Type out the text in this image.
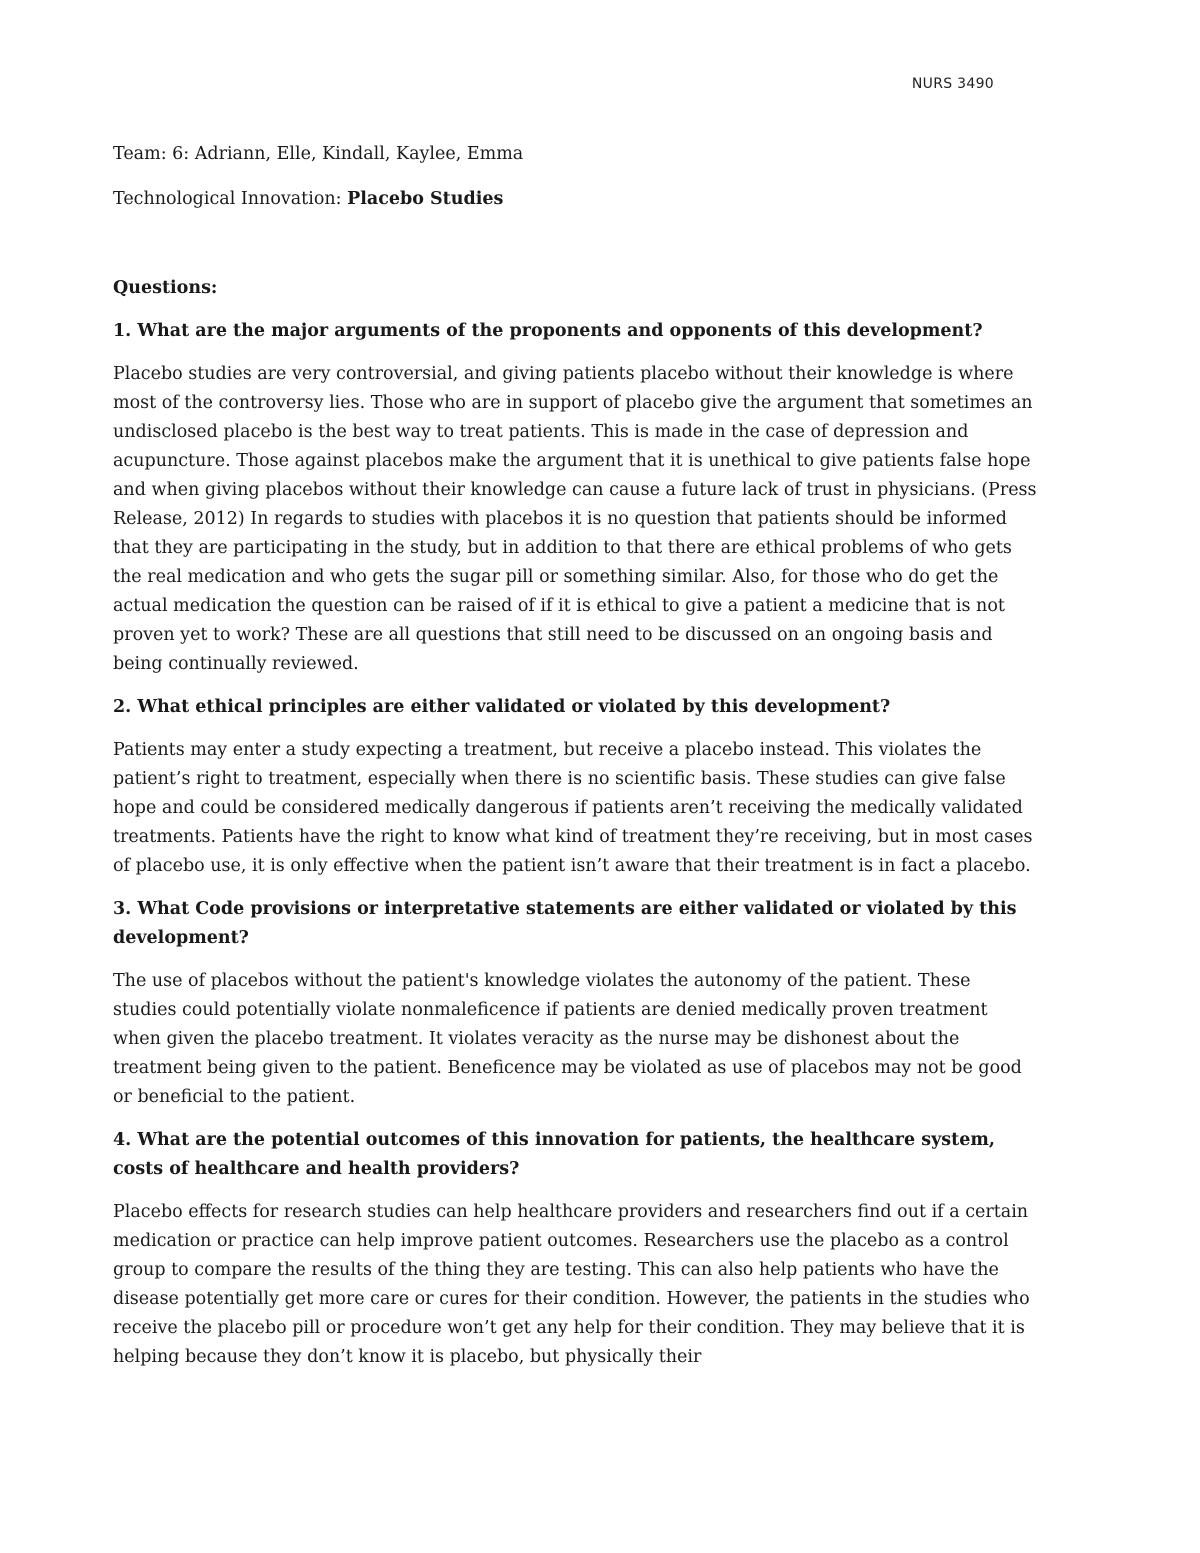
NURS 3490

Team: 6: Adriann, Elle, Kindall, Kaylee, Emma

Technological Innovation: Placebo Studies

Questions:

1. What are the major arguments of the proponents and opponents of this development?

Placebo studies are very controversial, and giving patients placebo without their knowledge is where most of the controversy lies. Those who are in support of placebo give the argument that sometimes an undisclosed placebo is the best way to treat patients. This is made in the case of depression and acupuncture. Those against placebos make the argument that it is unethical to give patients false hope and when giving placebos without their knowledge can cause a future lack of trust in physicians. (Press Release, 2012) In regards to studies with placebos it is no question that patients should be informed that they are participating in the study, but in addition to that there are ethical problems of who gets the real medication and who gets the sugar pill or something similar. Also, for those who do get the actual medication the question can be raised of if it is ethical to give a patient a medicine that is not proven yet to work? These are all questions that still need to be discussed on an ongoing basis and being continually reviewed.

2. What ethical principles are either validated or violated by this development?

Patients may enter a study expecting a treatment, but receive a placebo instead. This violates the patient’s right to treatment, especially when there is no scientific basis. These studies can give false hope and could be considered medically dangerous if patients aren’t receiving the medically validated treatments. Patients have the right to know what kind of treatment they’re receiving, but in most cases of placebo use, it is only effective when the patient isn’t aware that their treatment is in fact a placebo.

3. What Code provisions or interpretative statements are either validated or violated by this development?

The use of placebos without the patient's knowledge violates the autonomy of the patient. These studies could potentially violate nonmaleficence if patients are denied medically proven treatment when given the placebo treatment. It violates veracity as the nurse may be dishonest about the treatment being given to the patient. Beneficence may be violated as use of placebos may not be good or beneficial to the patient.

4. What are the potential outcomes of this innovation for patients, the healthcare system, costs of healthcare and health providers?

Placebo effects for research studies can help healthcare providers and researchers find out if a certain medication or practice can help improve patient outcomes. Researchers use the placebo as a control group to compare the results of the thing they are testing. This can also help patients who have the disease potentially get more care or cures for their condition. However, the patients in the studies who receive the placebo pill or procedure won’t get any help for their condition. They may believe that it is helping because they don’t know it is placebo, but physically their
